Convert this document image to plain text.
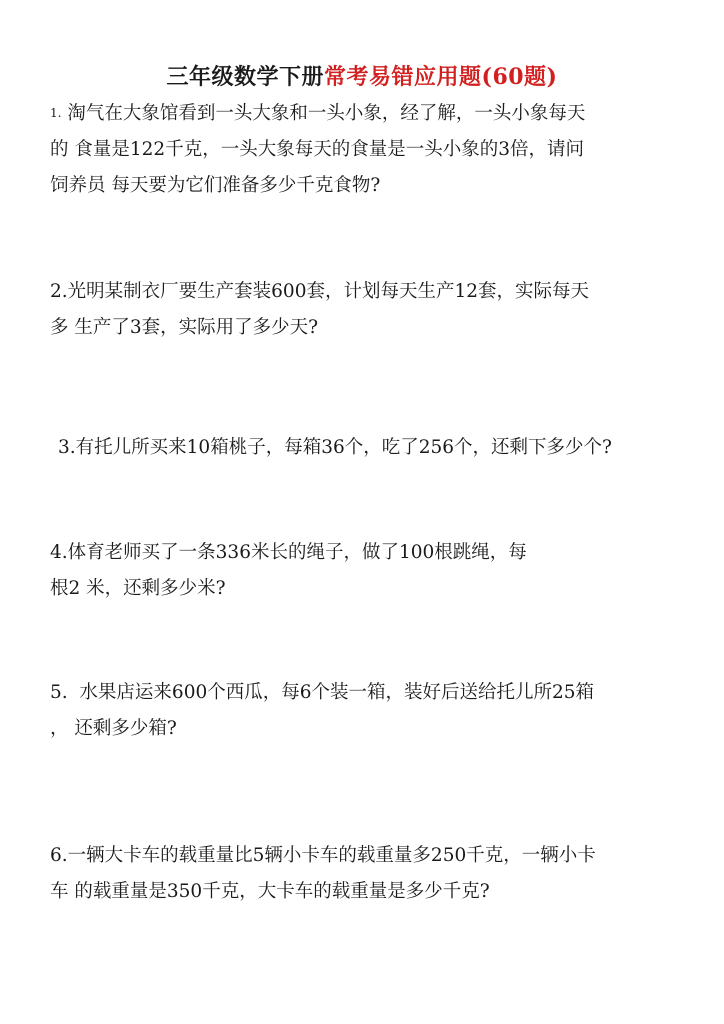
三年级数学下册常考易错应用题(60题)
1. 淘气在大象馆看到一头大象和一头小象，经了解，一头小象每天
的 食量是122千克，一头大象每天的食量是一头小象的3倍，请问
饲养员 每天要为它们准备多少千克食物?
2.光明某制衣厂要生产套装600套，计划每天生产12套，实际每天
多 生产了3套，实际用了多少天?
3.有托儿所买来10箱桃子，每箱36个，吃了256个，还剩下多少个?
4.体育老师买了一条336米长的绳子，做了100根跳绳，每
根2 米，还剩多少米?
5. 水果店运来600个西瓜，每6个装一箱，装好后送给托儿所25箱
， 还剩多少箱?
6.一辆大卡车的载重量比5辆小卡车的载重量多250千克，一辆小卡
车 的载重量是350千克，大卡车的载重量是多少千克?
